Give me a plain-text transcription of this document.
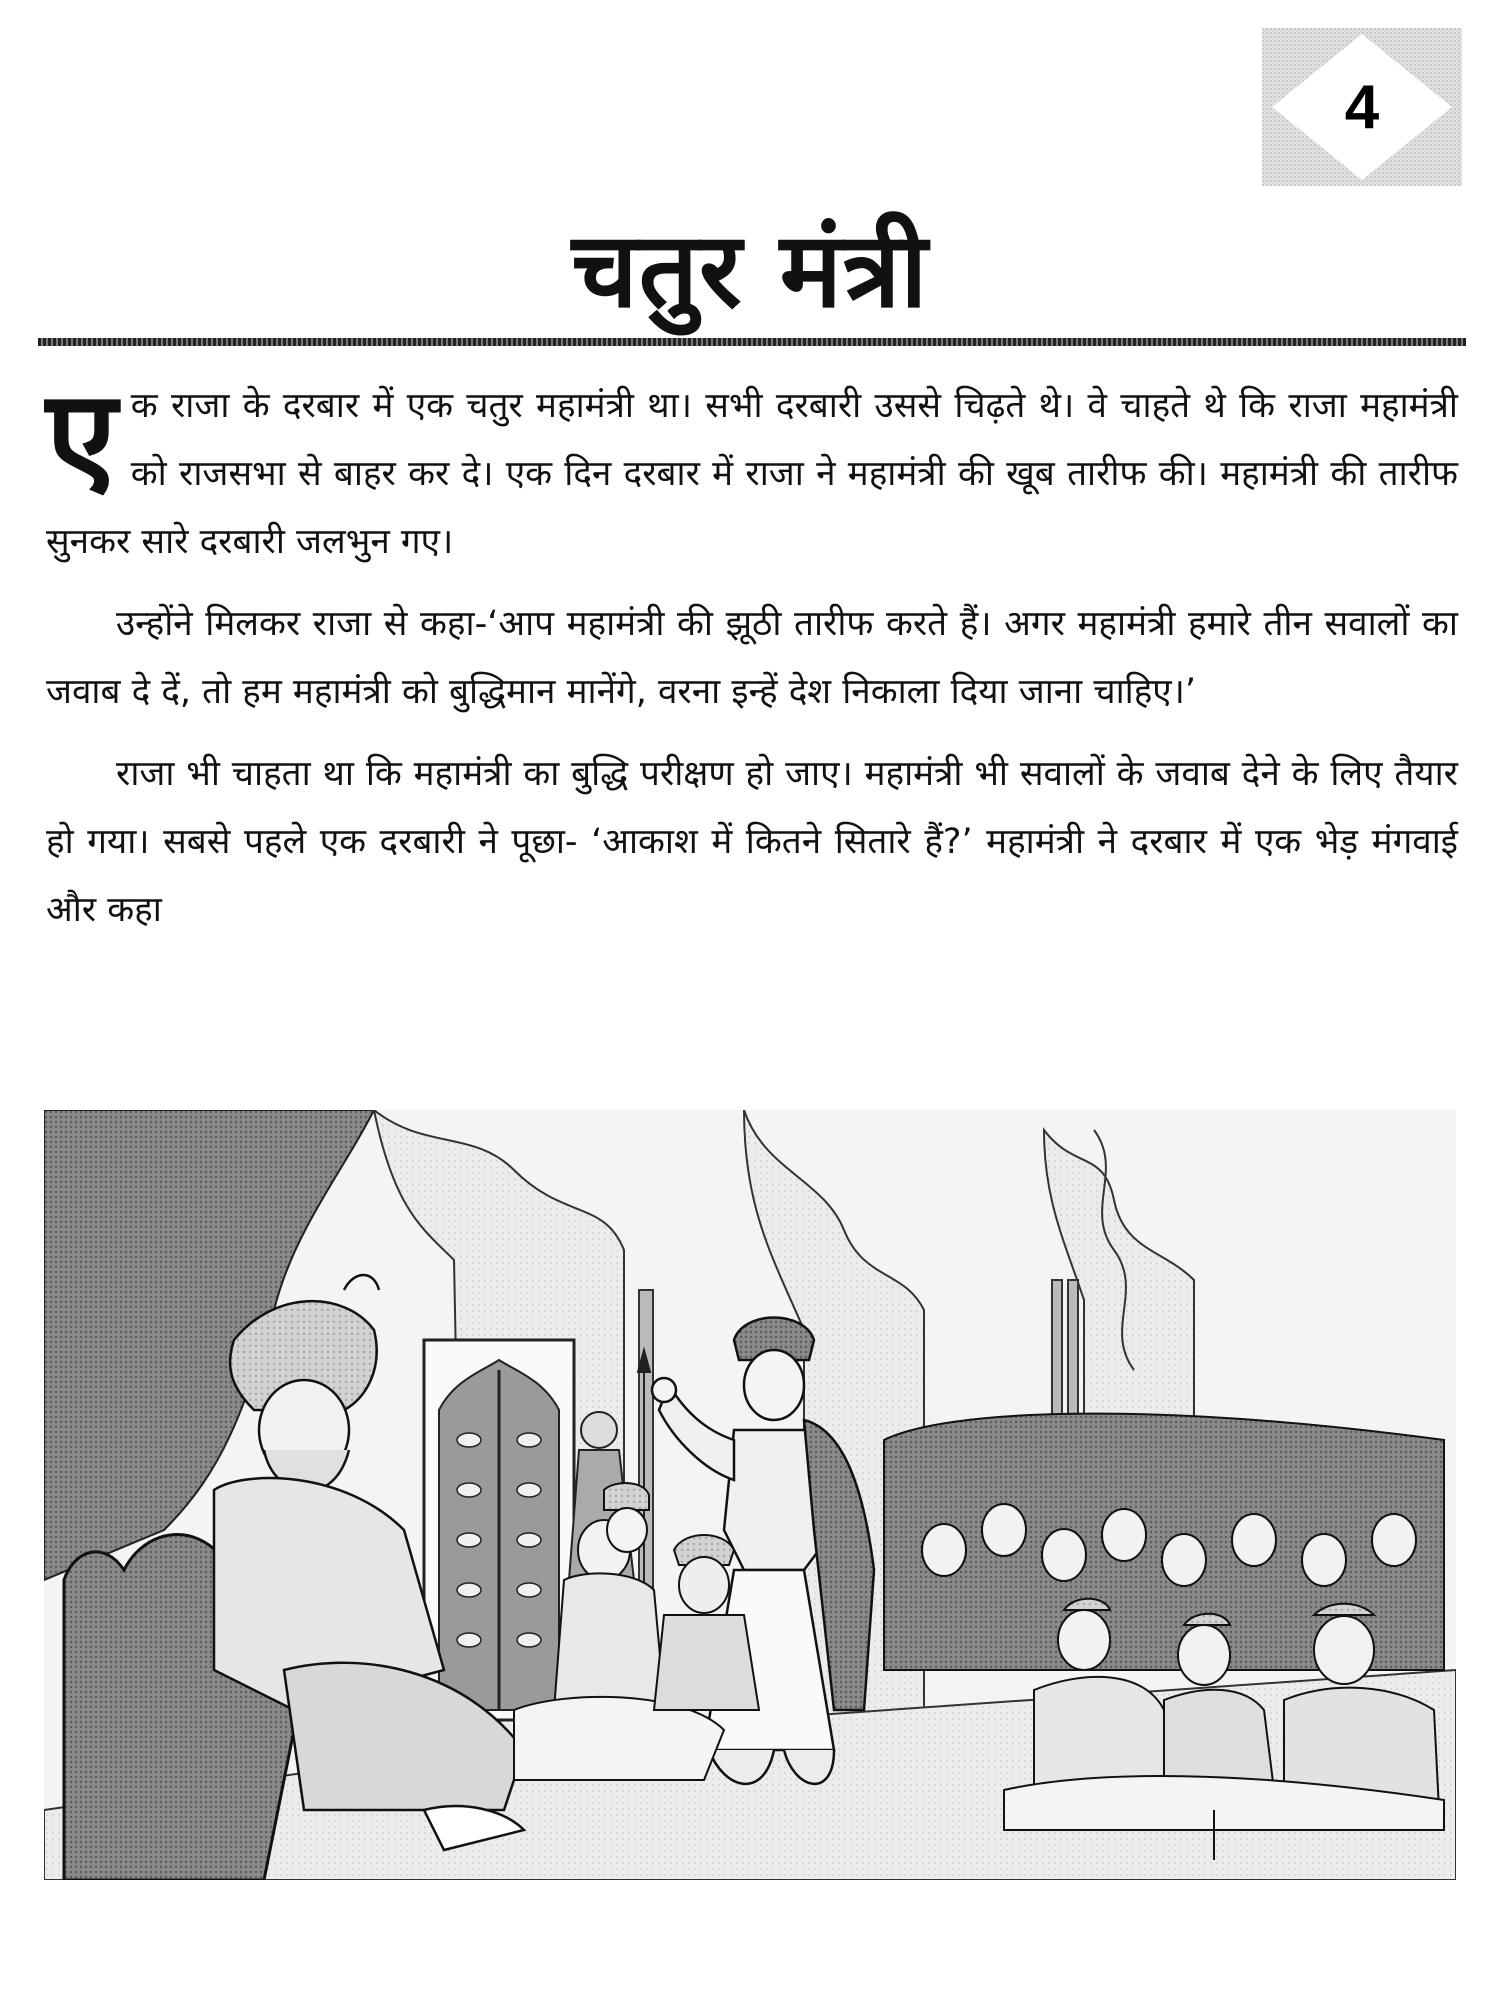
4
चतुर मंत्री

ए क राजा के दरबार में एक चतुर महामंत्री था। सभी दरबारी उससे चिढ़ते थे। वे चाहते थे कि राजा महामंत्री को राजसभा से बाहर कर दे। एक दिन दरबार में राजा ने महामंत्री की खूब तारीफ की। महामंत्री की तारीफ सुनकर सारे दरबारी जलभुन गए।

उन्होंने मिलकर राजा से कहा-‘आप महामंत्री की झूठी तारीफ करते हैं। अगर महामंत्री हमारे तीन सवालों का जवाब दे दें, तो हम महामंत्री को बुद्धिमान मानेंगे, वरना इन्हें देश निकाला दिया जाना चाहिए।’

राजा भी चाहता था कि महामंत्री का बुद्धि परीक्षण हो जाए। महामंत्री भी सवालों के जवाब देने के लिए तैयार हो गया। सबसे पहले एक दरबारी ने पूछा- ‘आकाश में कितने सितारे हैं?’ महामंत्री ने दरबार में एक भेड़ मंगवाई और कहा
